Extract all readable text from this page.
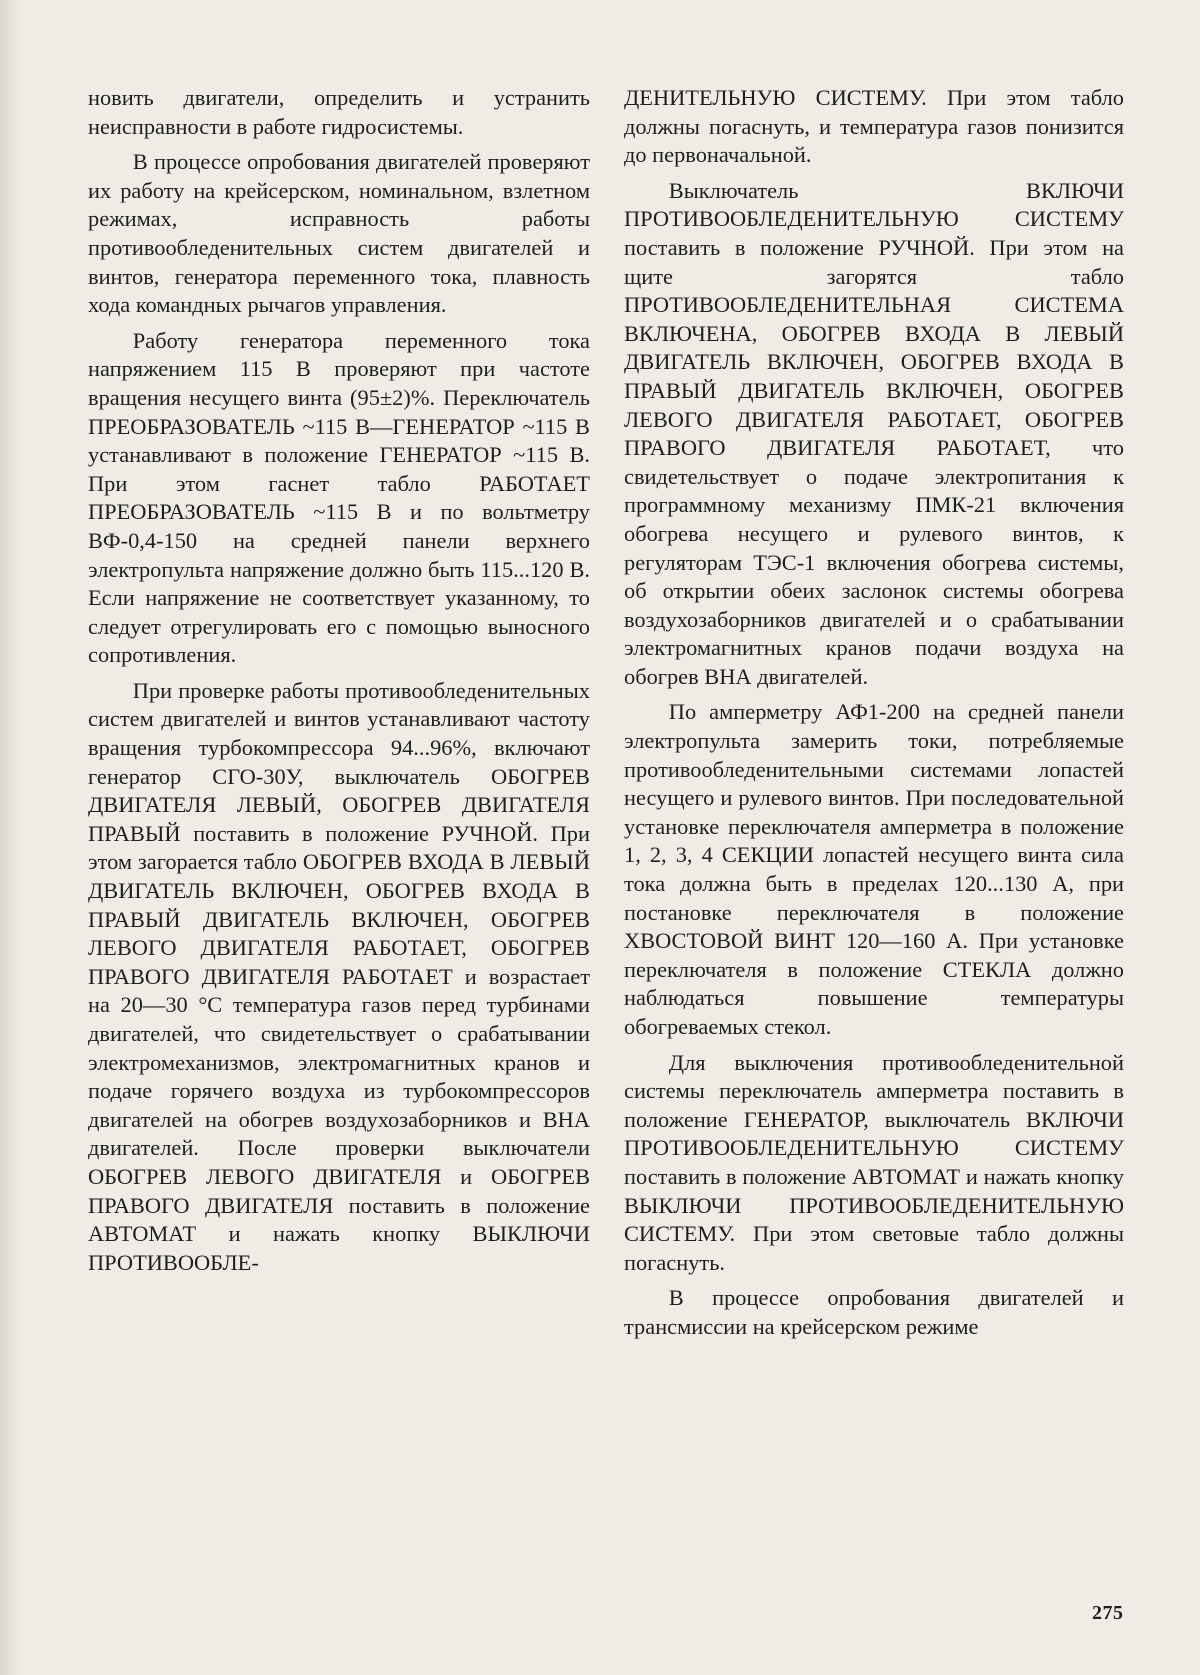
новить двигатели, определить и устранить неисправности в работе гидросистемы.

В процессе опробования двигателей проверяют их работу на крейсерском, номинальном, взлетном режимах, исправность работы противообледенительных систем двигателей и винтов, генератора переменного тока, плавность хода командных рычагов управления.

Работу генератора переменного тока напряжением 115 В проверяют при частоте вращения несущего винта (95±2)%. Переключатель ПРЕОБРАЗОВАТЕЛЬ ~115 В—ГЕНЕРАТОР ~115 В устанавливают в положение ГЕНЕРАТОР ~115 В. При этом гаснет табло РАБОТАЕТ ПРЕОБРАЗОВАТЕЛЬ ~115 В и по вольтметру ВФ-0,4-150 на средней панели верхнего электропульта напряжение должно быть 115...120 В. Если напряжение не соответствует указанному, то следует отрегулировать его с помощью выносного сопротивления.

При проверке работы противообледенительных систем двигателей и винтов устанавливают частоту вращения турбокомпрессора 94...96%, включают генератор СГО-30У, выключатель ОБОГРЕВ ДВИГАТЕЛЯ ЛЕВЫЙ, ОБОГРЕВ ДВИГАТЕЛЯ ПРАВЫЙ поставить в положение РУЧНОЙ. При этом загорается табло ОБОГРЕВ ВХОДА В ЛЕВЫЙ ДВИГАТЕЛЬ ВКЛЮЧЕН, ОБОГРЕВ ВХОДА В ПРАВЫЙ ДВИГАТЕЛЬ ВКЛЮЧЕН, ОБОГРЕВ ЛЕВОГО ДВИГАТЕЛЯ РАБОТАЕТ, ОБОГРЕВ ПРАВОГО ДВИГАТЕЛЯ РАБОТАЕТ и возрастает на 20—30 °С температура газов перед турбинами двигателей, что свидетельствует о срабатывании электромеханизмов, электромагнитных кранов и подаче горячего воздуха из турбокомпрессоров двигателей на обогрев воздухозаборников и ВНА двигателей. После проверки выключатели ОБОГРЕВ ЛЕВОГО ДВИГАТЕЛЯ и ОБОГРЕВ ПРАВОГО ДВИГАТЕЛЯ поставить в положение АВТОМАТ и нажать кнопку ВЫКЛЮЧИ ПРОТИВООБЛЕ-

ДЕНИТЕЛЬНУЮ СИСТЕМУ. При этом табло должны погаснуть, и температура газов понизится до первоначальной.

Выключатель ВКЛЮЧИ ПРОТИВООБЛЕДЕНИТЕЛЬНУЮ СИСТЕМУ поставить в положение РУЧНОЙ. При этом на щите загорятся табло ПРОТИВООБЛЕДЕНИТЕЛЬНАЯ СИСТЕМА ВКЛЮЧЕНА, ОБОГРЕВ ВХОДА В ЛЕВЫЙ ДВИГАТЕЛЬ ВКЛЮЧЕН, ОБОГРЕВ ВХОДА В ПРАВЫЙ ДВИГАТЕЛЬ ВКЛЮЧЕН, ОБОГРЕВ ЛЕВОГО ДВИГАТЕЛЯ РАБОТАЕТ, ОБОГРЕВ ПРАВОГО ДВИГАТЕЛЯ РАБОТАЕТ, что свидетельствует о подаче электропитания к программному механизму ПМК-21 включения обогрева несущего и рулевого винтов, к регуляторам ТЭС-1 включения обогрева системы, об открытии обеих заслонок системы обогрева воздухозаборников двигателей и о срабатывании электромагнитных кранов подачи воздуха на обогрев ВНА двигателей.

По амперметру АФ1-200 на средней панели электропульта замерить токи, потребляемые противообледенительными системами лопастей несущего и рулевого винтов. При последовательной установке переключателя амперметра в положение 1, 2, 3, 4 СЕКЦИИ лопастей несущего винта сила тока должна быть в пределах 120...130 А, при постановке переключателя в положение ХВОСТОВОЙ ВИНТ 120—160 А. При установке переключателя в положение СТЕКЛА должно наблюдаться повышение температуры обогреваемых стекол.

Для выключения противообледенительной системы переключатель амперметра поставить в положение ГЕНЕРАТОР, выключатель ВКЛЮЧИ ПРОТИВООБЛЕДЕНИТЕЛЬНУЮ СИСТЕМУ поставить в положение АВТОМАТ и нажать кнопку ВЫКЛЮЧИ ПРОТИВООБЛЕДЕНИТЕЛЬНУЮ СИСТЕМУ. При этом световые табло должны погаснуть.

В процессе опробования двигателей и трансмиссии на крейсерском режиме

275
